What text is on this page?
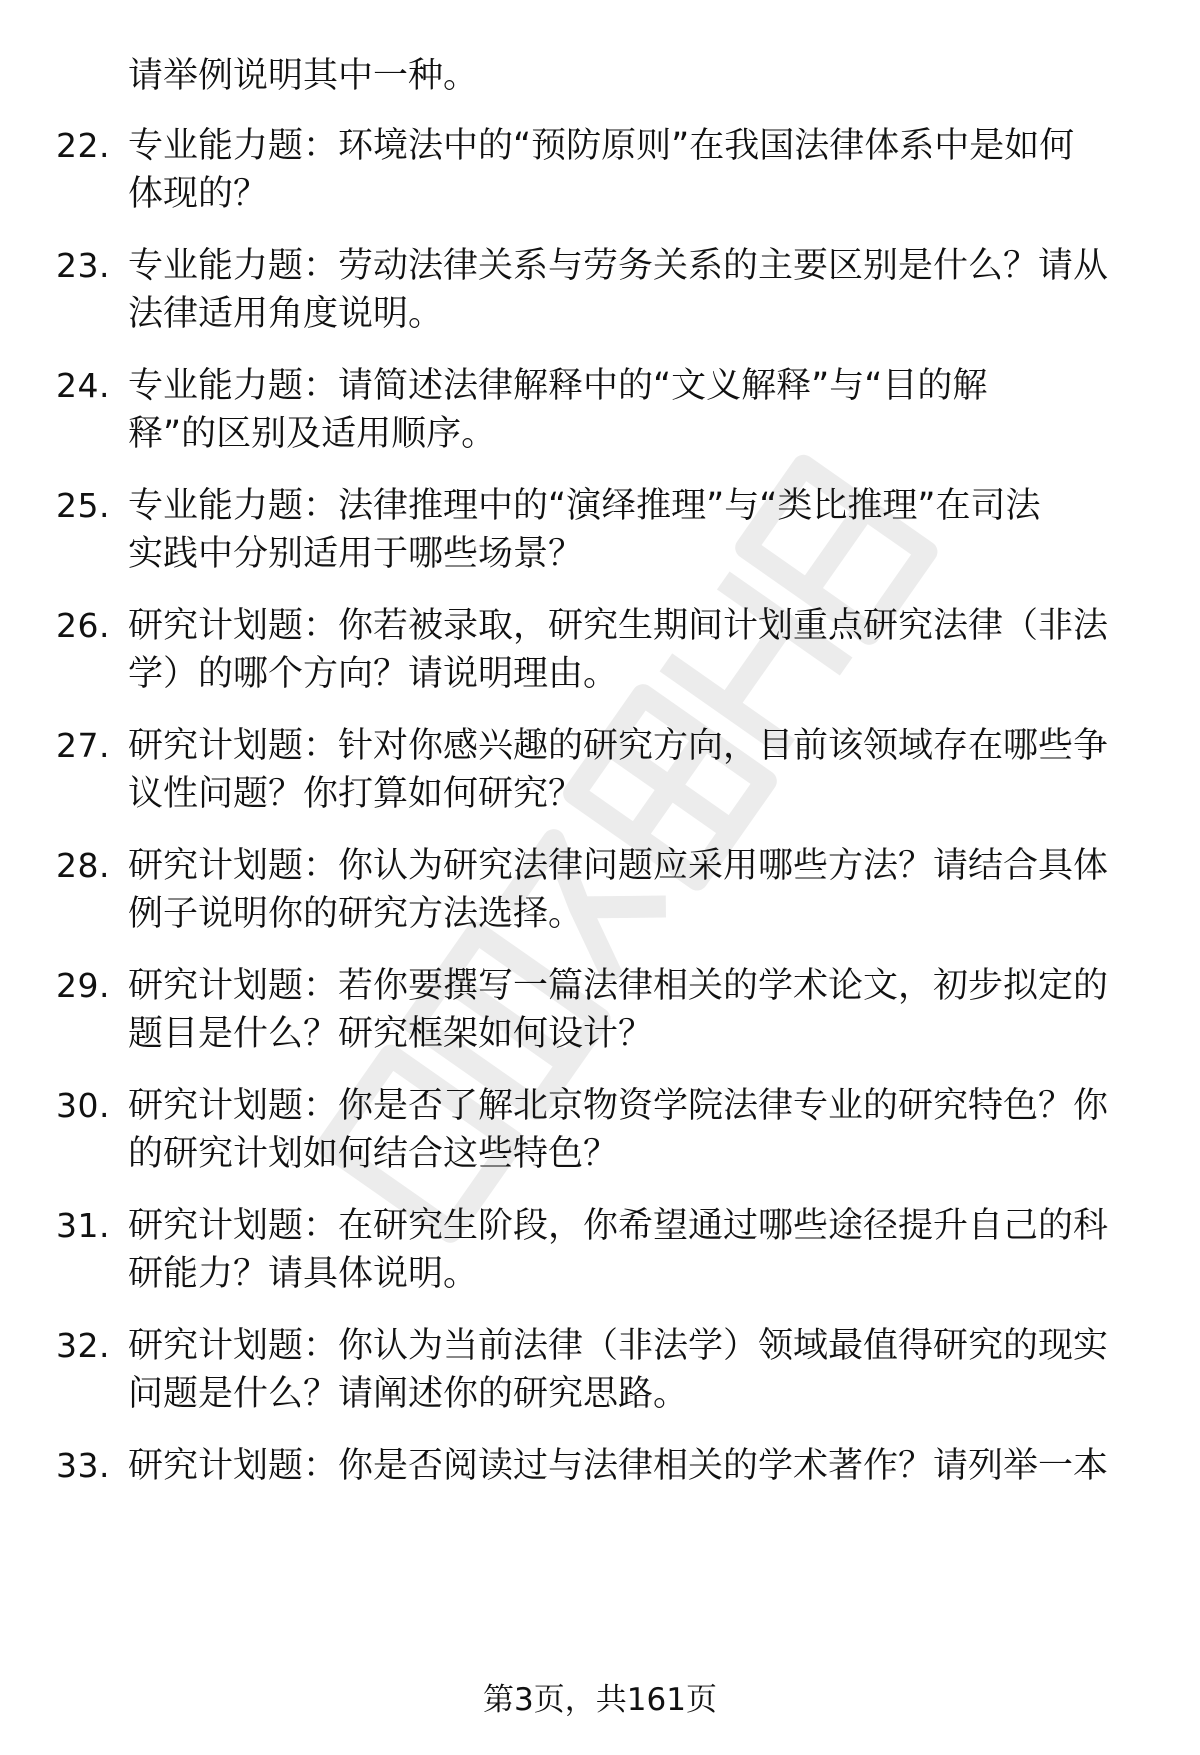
请举例说明其中一种。
22. 专业能力题：环境法中的“预防原则”在我国法律体系中是如何
体现的？
23. 专业能力题：劳动法律关系与劳务关系的主要区别是什么？请从
法律适用角度说明。
24. 专业能力题：请简述法律解释中的“文义解释”与“目的解
释”的区别及适用顺序。
25. 专业能力题：法律推理中的“演绎推理”与“类比推理”在司法
实践中分别适用于哪些场景？
26. 研究计划题：你若被录取，研究生期间计划重点研究法律（非法
学）的哪个方向？请说明理由。
27. 研究计划题：针对你感兴趣的研究方向，目前该领域存在哪些争
议性问题？你打算如何研究？
28. 研究计划题：你认为研究法律问题应采用哪些方法？请结合具体
例子说明你的研究方法选择。
29. 研究计划题：若你要撰写一篇法律相关的学术论文，初步拟定的
题目是什么？研究框架如何设计？
30. 研究计划题：你是否了解北京物资学院法律专业的研究特色？你
的研究计划如何结合这些特色？
31. 研究计划题：在研究生阶段，你希望通过哪些途径提升自己的科
研能力？请具体说明。
32. 研究计划题：你认为当前法律（非法学）领域最值得研究的现实
问题是什么？请阐述你的研究思路。
33. 研究计划题：你是否阅读过与法律相关的学术著作？请列举一本
第3页，共161页
